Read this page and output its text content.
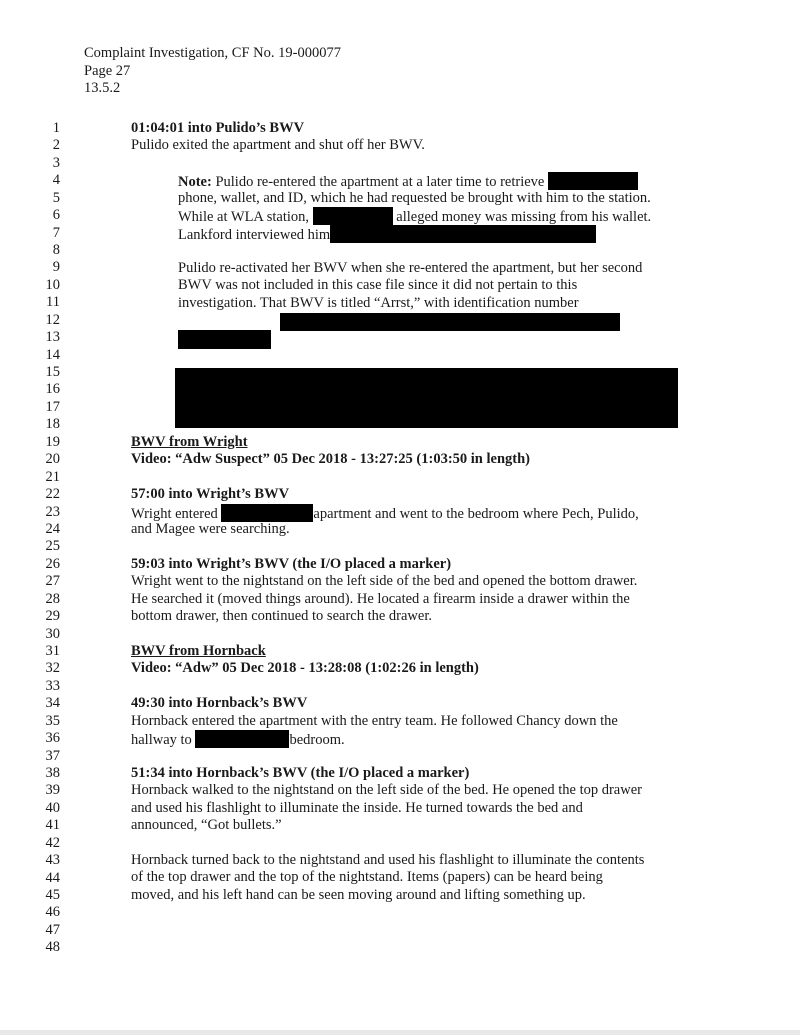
Complaint Investigation, CF No. 19-000077
Page 27
13.5.2
1
2
3
4
5
6
7
8
9
10
11
12
13
14
15
16
17
18
19
20
21
22
23
24
25
26
27
28
29
30
31
32
33
34
35
36
37
38
39
40
41
42
43
44
45
46
47
48
01:04:01 into Pulido’s BWV
Pulido exited the apartment and shut off her BWV.
Note: Pulido re-entered the apartment at a later time to retrieve
phone, wallet, and ID, which he had requested be brought with him to the station.
While at WLA station,	alleged money was missing from his wallet.
Lankford interviewed him
Pulido re-activated her BWV when she re-entered the apartment, but her second
BWV was not included in this case file since it did not pertain to this
investigation. That BWV is titled “Arrst,” with identification number
BWV from Wright
Video: “Adw Suspect” 05 Dec 2018 - 13:27:25 (1:03:50 in length)
57:00 into Wright’s BWV
Wright entered	apartment and went to the bedroom where Pech, Pulido,
and Magee were searching.
59:03 into Wright’s BWV (the I/O placed a marker)
Wright went to the nightstand on the left side of the bed and opened the bottom drawer.
He searched it (moved things around). He located a firearm inside a drawer within the
bottom drawer, then continued to search the drawer.
BWV from Hornback
Video: “Adw” 05 Dec 2018 - 13:28:08 (1:02:26 in length)
49:30 into Hornback’s BWV
Hornback entered the apartment with the entry team. He followed Chancy down the
hallway to	bedroom.
51:34 into Hornback’s BWV (the I/O placed a marker)
Hornback walked to the nightstand on the left side of the bed. He opened the top drawer
and used his flashlight to illuminate the inside. He turned towards the bed and
announced, “Got bullets.”
Hornback turned back to the nightstand and used his flashlight to illuminate the contents
of the top drawer and the top of the nightstand. Items (papers) can be heard being
moved, and his left hand can be seen moving around and lifting something up.
